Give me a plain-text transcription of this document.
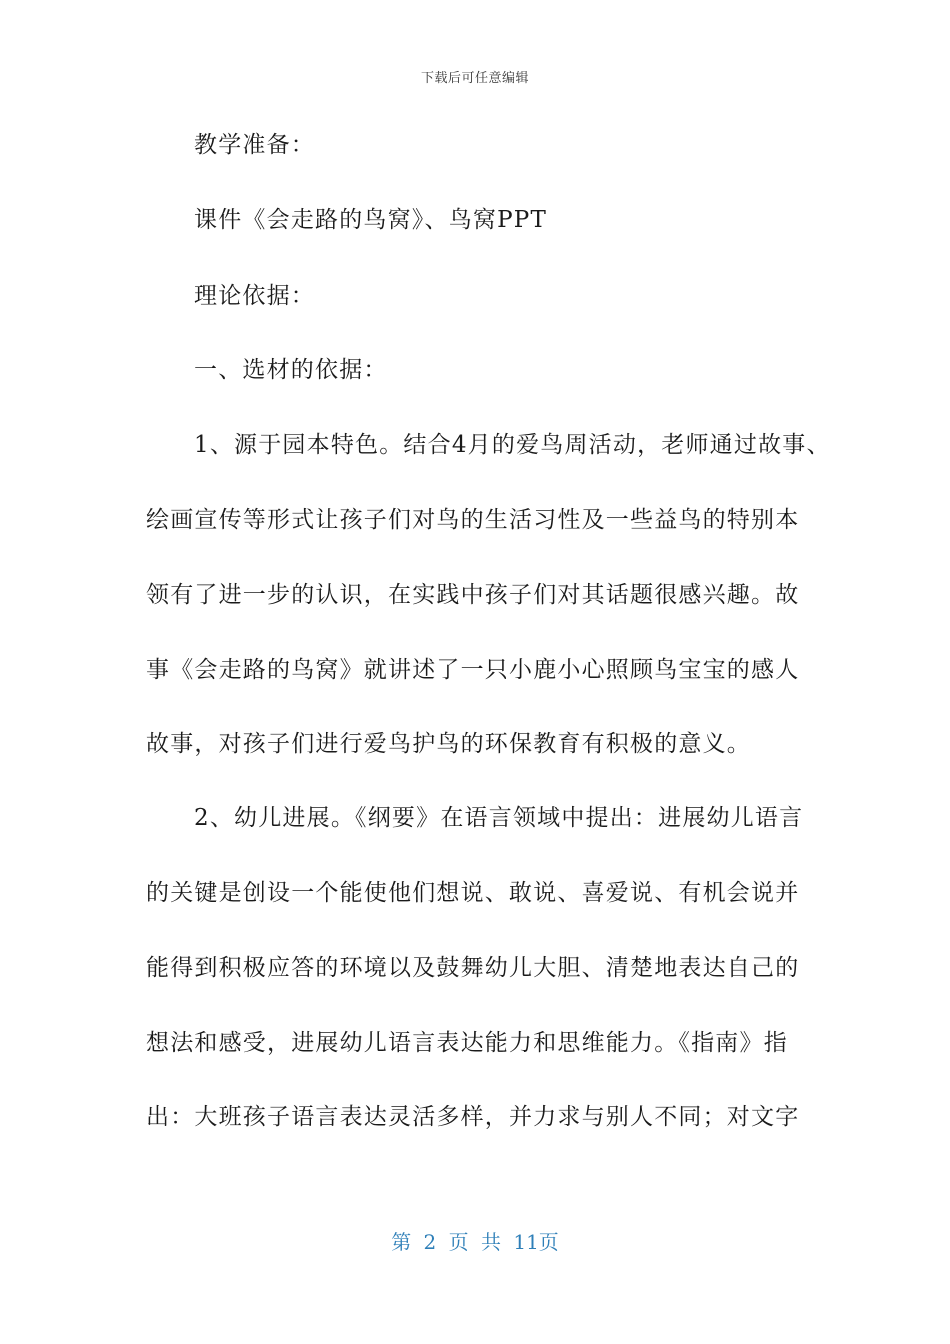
下载后可任意编辑
教学准备：
课件《会走路的鸟窝》、鸟窝PPT
理论依据：
一、选材的依据：
1、源于园本特色。结合4月的爱鸟周活动，老师通过故事、
绘画宣传等形式让孩子们对鸟的生活习性及一些益鸟的特别本
领有了进一步的认识，在实践中孩子们对其话题很感兴趣。故
事《会走路的鸟窝》就讲述了一只小鹿小心照顾鸟宝宝的感人
故事，对孩子们进行爱鸟护鸟的环保教育有积极的意义。
2、幼儿进展。《纲要》在语言领域中提出：进展幼儿语言
的关键是创设一个能使他们想说、敢说、喜爱说、有机会说并
能得到积极应答的环境以及鼓舞幼儿大胆、清楚地表达自己的
想法和感受，进展幼儿语言表达能力和思维能力。《指南》指
出：大班孩子语言表达灵活多样，并力求与别人不同；对文字
第 2 页 共 11页
